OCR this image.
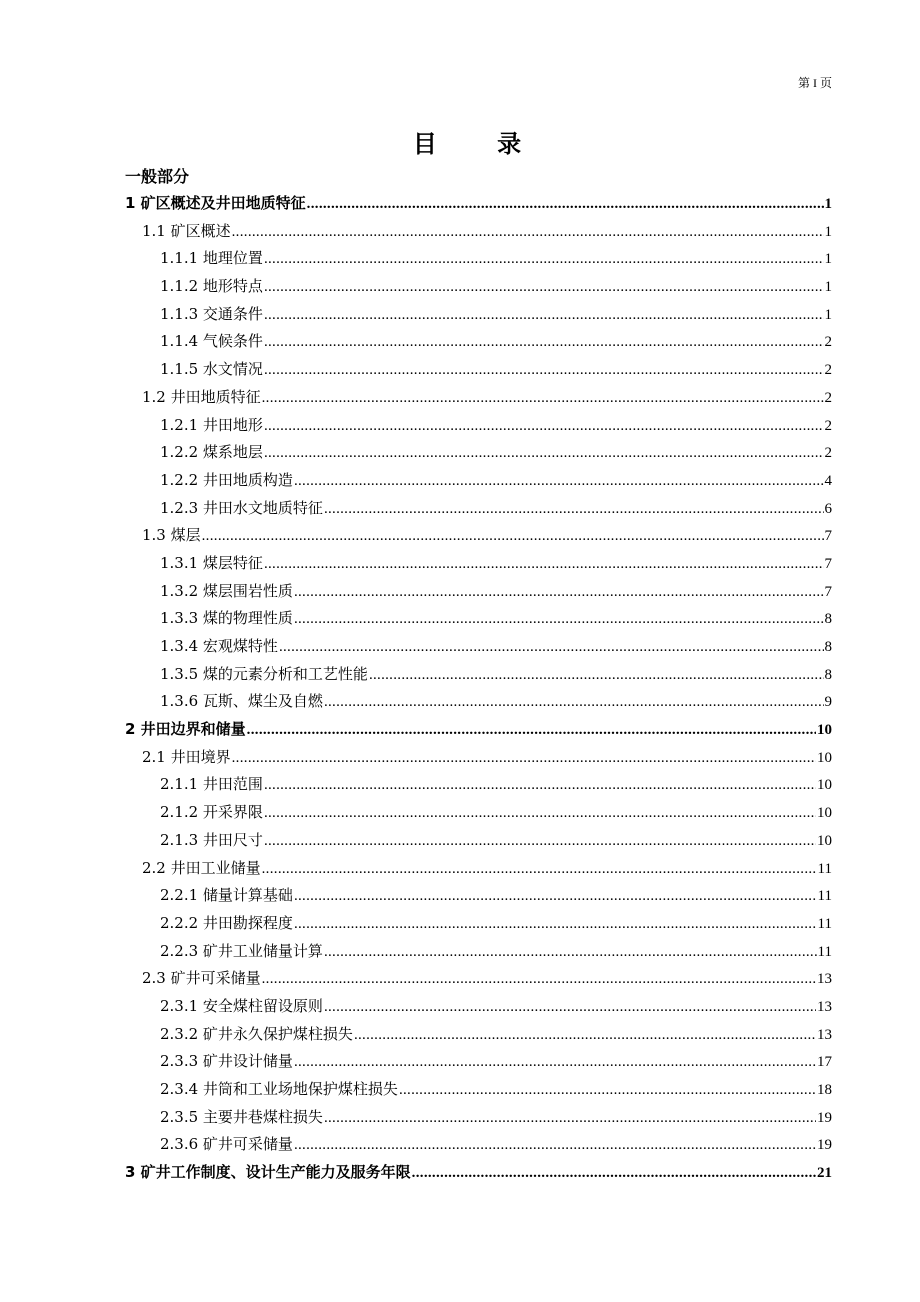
第 I 页
目 录
一般部分
1 矿区概述及井田地质特征 .....	1
1.1 矿区概述 .....	1
1.1.1 地理位置 .....	1
1.1.2 地形特点 .....	1
1.1.3 交通条件 .....	1
1.1.4 气候条件 .....	2
1.1.5 水文情况 .....	2
1.2 井田地质特征 .....	2
1.2.1 井田地形 .....	2
1.2.2 煤系地层 .....	2
1.2.2 井田地质构造 .....	4
1.2.3 井田水文地质特征 .....	6
1.3 煤层 .....	7
1.3.1 煤层特征 .....	7
1.3.2 煤层围岩性质 .....	7
1.3.3 煤的物理性质 .....	8
1.3.4 宏观煤特性 .....	8
1.3.5 煤的元素分析和工艺性能 .....	8
1.3.6 瓦斯、煤尘及自燃 .....	9
2 井田边界和储量 .....	10
2.1 井田境界 .....	10
2.1.1 井田范围 .....	10
2.1.2 开采界限 .....	10
2.1.3 井田尺寸 .....	10
2.2 井田工业储量 .....	11
2.2.1 储量计算基础 .....	11
2.2.2 井田勘探程度 .....	11
2.2.3 矿井工业储量计算 .....	11
2.3 矿井可采储量 .....	13
2.3.1 安全煤柱留设原则 .....	13
2.3.2 矿井永久保护煤柱损失 .....	13
2.3.3 矿井设计储量 .....	17
2.3.4 井筒和工业场地保护煤柱损失 .....	18
2.3.5 主要井巷煤柱损失 .....	19
2.3.6 矿井可采储量 .....	19
3 矿井工作制度、设计生产能力及服务年限 .....	21
